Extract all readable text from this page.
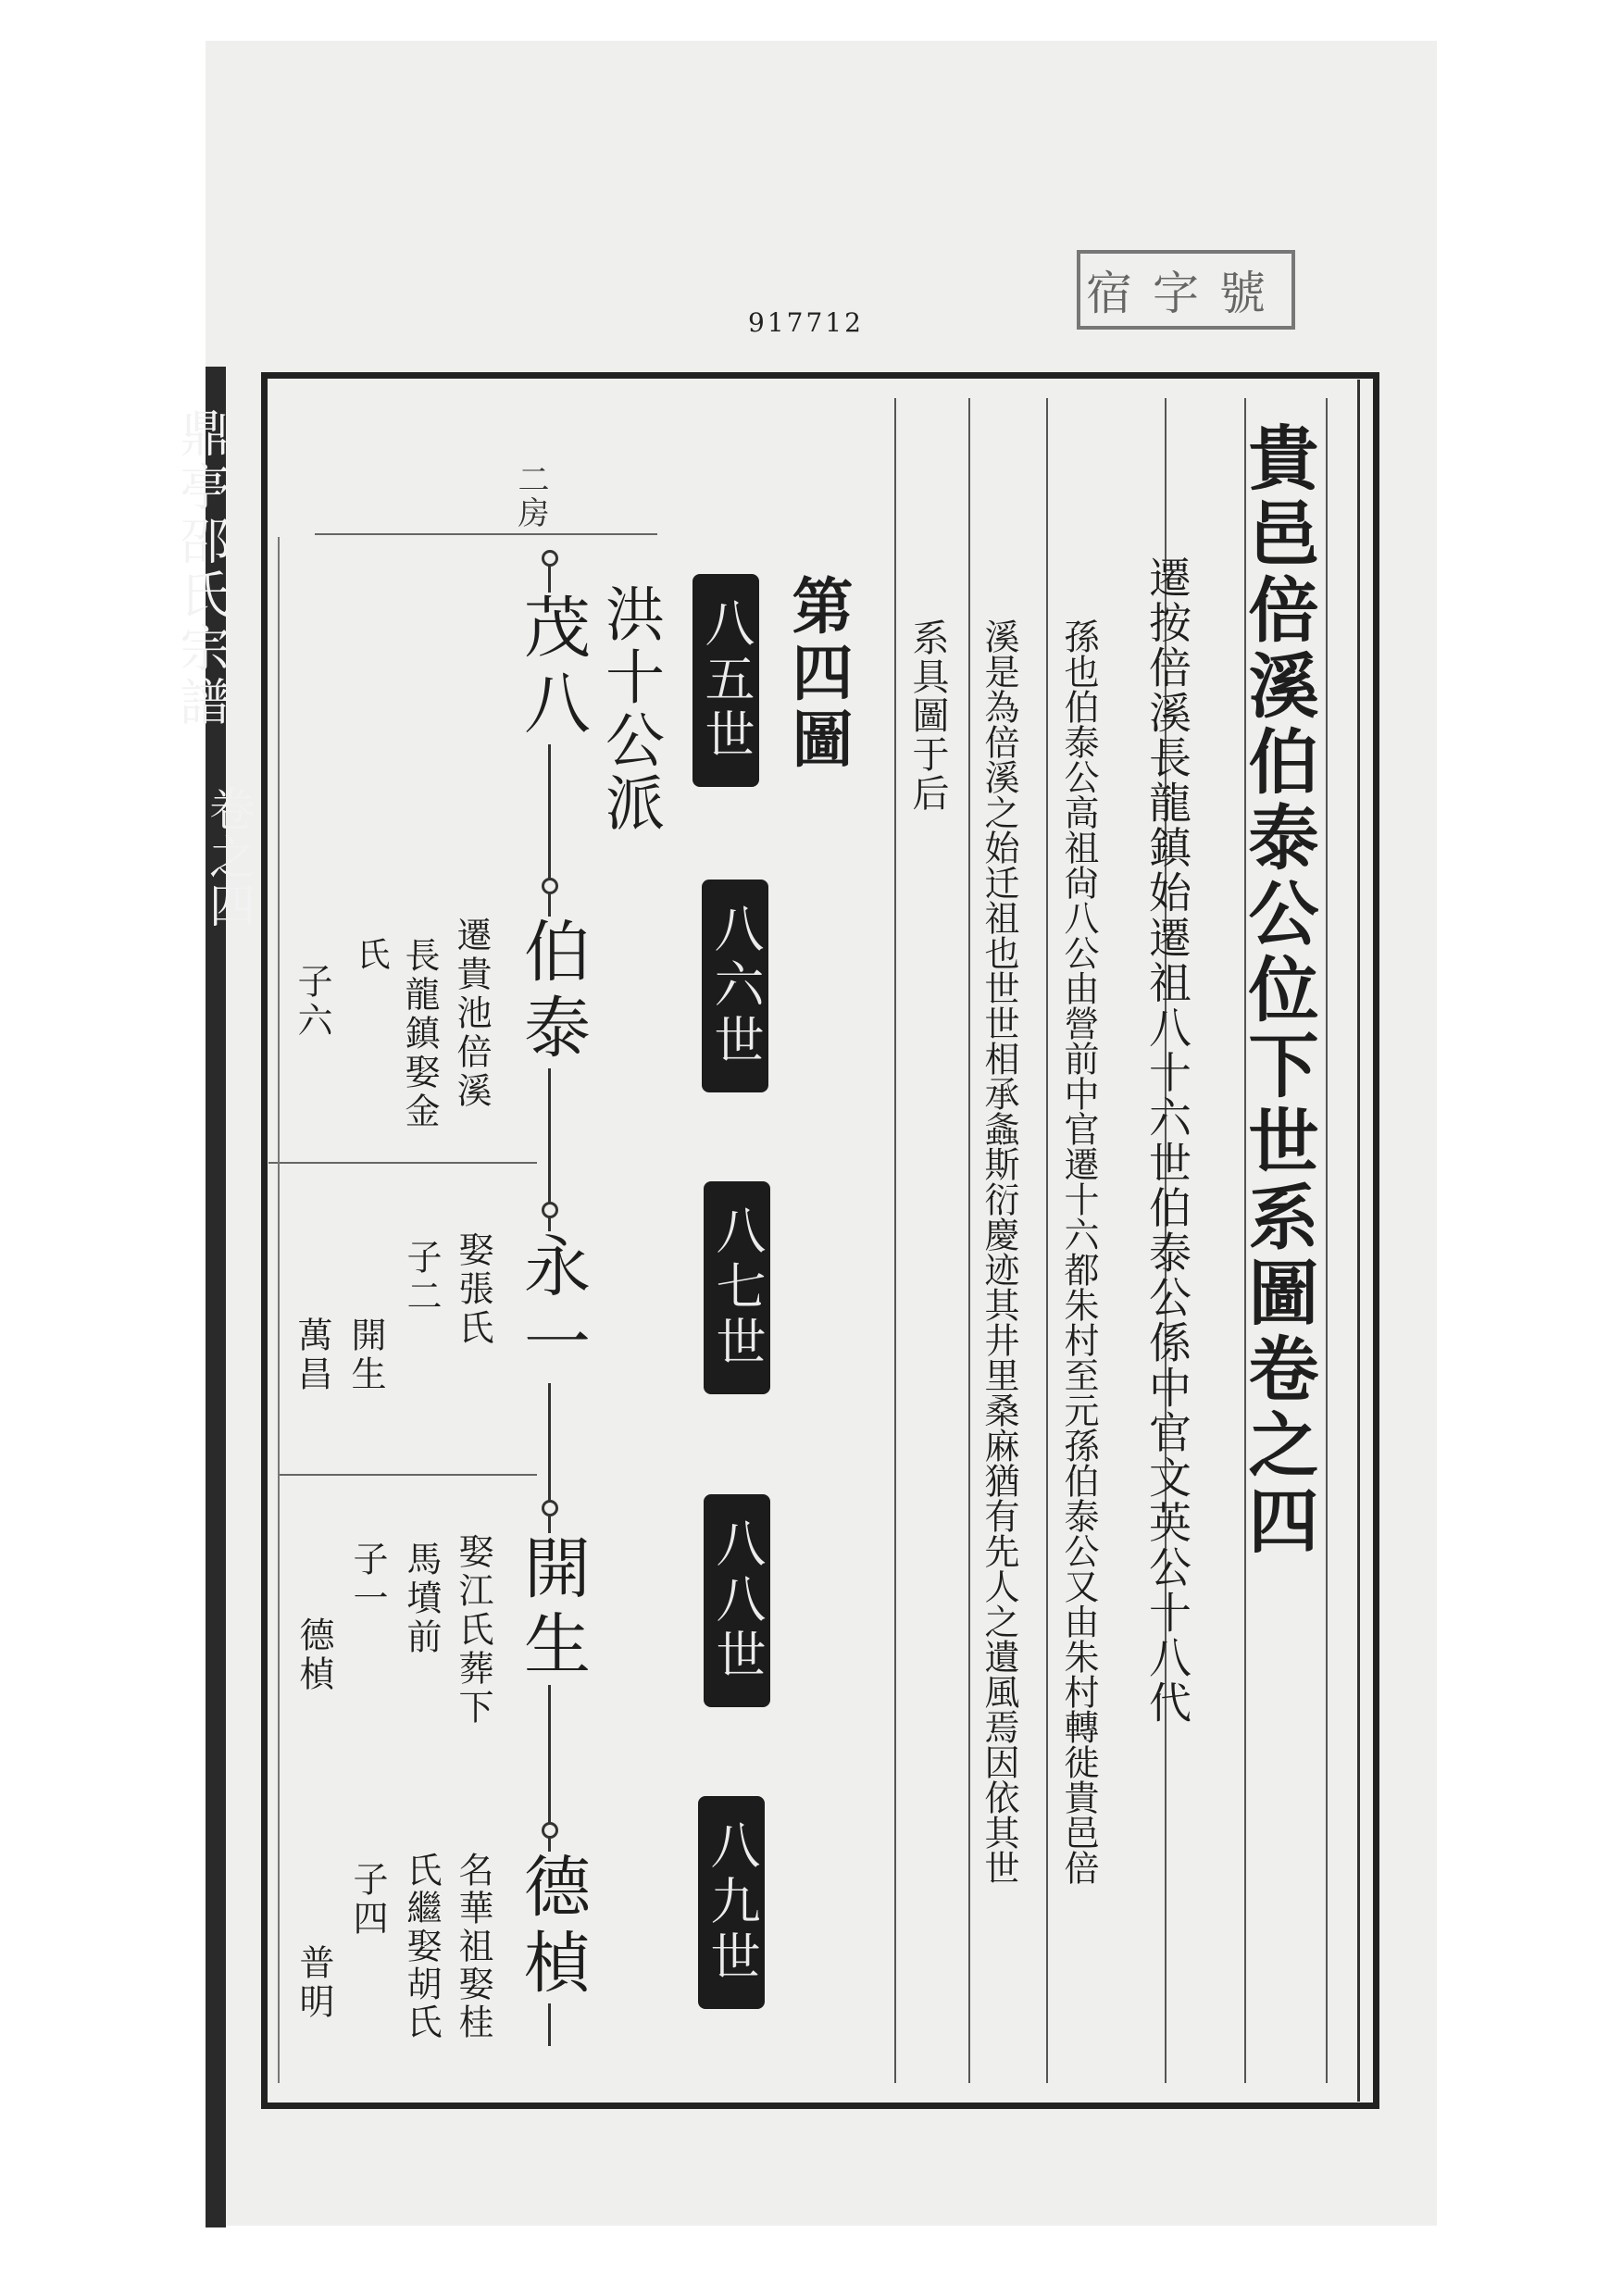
鼎亭邵氏宗譜
卷之四
917712
宿字號
貴邑倍溪伯泰公位下世系圖卷之四
遷按倍溪長龍鎮始遷祖八十六世伯泰公係中官文英公十八代
孫也伯泰公高祖尙八公由營前中官遷十六都朱村至元孫伯泰公又由朱村轉徙貴邑倍
溪是為倍溪之始迁祖也世世相承螽斯衍慶迹其井里桑麻猶有先人之遺風焉因依其世
系具圖于后
第四圖
八五世
八六世
八七世
八八世
八九世
洪十公派
二房
茂八
伯泰
永一
開生
德楨
遷貴池倍溪
長龍鎮娶金
氏
子六
娶張氏
子二
開生
萬昌
娶江氏葬下
馬墳前
子一
德楨
名華祖娶桂
氏繼娶胡氏
子四
普明
